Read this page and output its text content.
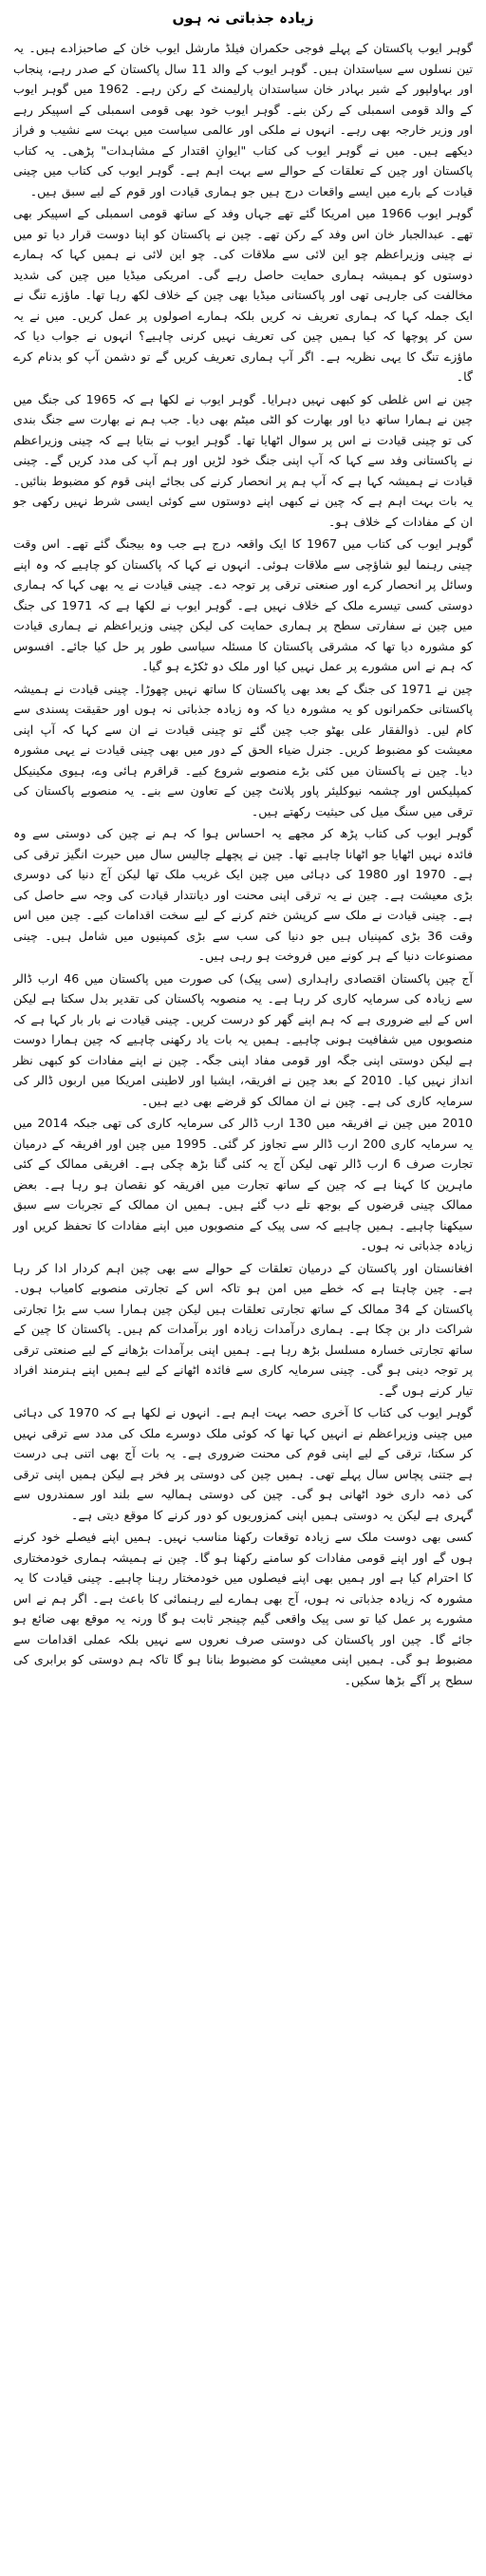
زیادہ جذباتی نہ ہوں

گوہر ایوب پاکستان کے پہلے فوجی حکمران فیلڈ مارشل ایوب خان کے صاحبزادے ہیں۔ یہ تین نسلوں سے سیاستدان ہیں۔ گوہر ایوب کے والد 11 سال پاکستان کے صدر رہے، پنجاب اور بہاولپور کے شیر بہادر خان سیاستدان پارلیمنٹ کے رکن رہے۔ 1962 میں گوہر ایوب کے والد قومی اسمبلی کے رکن بنے۔ گوہر ایوب خود بھی قومی اسمبلی کے اسپیکر رہے اور وزیر خارجہ بھی رہے۔ انہوں نے ملکی اور عالمی سیاست میں بہت سے نشیب و فراز دیکھے ہیں۔ میں نے گوہر ایوب کی کتاب "ایوانِ اقتدار کے مشاہدات" پڑھی۔ یہ کتاب پاکستان اور چین کے تعلقات کے حوالے سے بہت اہم ہے۔ گوہر ایوب کی کتاب میں چینی قیادت کے بارے میں ایسے واقعات درج ہیں جو ہماری قیادت اور قوم کے لیے سبق ہیں۔

گوہر ایوب 1966 میں امریکا گئے تھے جہاں وفد کے ساتھ قومی اسمبلی کے اسپیکر بھی تھے۔ عبدالجبار خان اس وفد کے رکن تھے۔ چین نے پاکستان کو اپنا دوست قرار دیا تو میں نے چینی وزیراعظم چو این لائی سے ملاقات کی۔ چو این لائی نے ہمیں کہا کہ ہمارے دوستوں کو ہمیشہ ہماری حمایت حاصل رہے گی۔ امریکی میڈیا میں چین کی شدید مخالفت کی جارہی تھی اور پاکستانی میڈیا بھی چین کے خلاف لکھ رہا تھا۔ ماؤزے تنگ نے ایک جملہ کہا کہ ہماری تعریف نہ کریں بلکہ ہمارے اصولوں پر عمل کریں۔ میں نے یہ سن کر پوچھا کہ کیا ہمیں چین کی تعریف نہیں کرنی چاہیے؟ انہوں نے جواب دیا کہ ماؤزے تنگ کا یہی نظریہ ہے۔ اگر آپ ہماری تعریف کریں گے تو دشمن آپ کو بدنام کرے گا۔

چین نے اس غلطی کو کبھی نہیں دہرایا۔ گوہر ایوب نے لکھا ہے کہ 1965 کی جنگ میں چین نے ہمارا ساتھ دیا اور بھارت کو الٹی میٹم بھی دیا۔ جب ہم نے بھارت سے جنگ بندی کی تو چینی قیادت نے اس پر سوال اٹھایا تھا۔ گوہر ایوب نے بتایا ہے کہ چینی وزیراعظم نے پاکستانی وفد سے کہا کہ آپ اپنی جنگ خود لڑیں اور ہم آپ کی مدد کریں گے۔ چینی قیادت نے ہمیشہ کہا ہے کہ آپ ہم پر انحصار کرنے کی بجائے اپنی قوم کو مضبوط بنائیں۔ یہ بات بہت اہم ہے کہ چین نے کبھی اپنے دوستوں سے کوئی ایسی شرط نہیں رکھی جو ان کے مفادات کے خلاف ہو۔

گوہر ایوب کی کتاب میں 1967 کا ایک واقعہ درج ہے جب وہ بیجنگ گئے تھے۔ اس وقت چینی رہنما لیو شاؤچی سے ملاقات ہوئی۔ انہوں نے کہا کہ پاکستان کو چاہیے کہ وہ اپنے وسائل پر انحصار کرے اور صنعتی ترقی پر توجہ دے۔ چینی قیادت نے یہ بھی کہا کہ ہماری دوستی کسی تیسرے ملک کے خلاف نہیں ہے۔ گوہر ایوب نے لکھا ہے کہ 1971 کی جنگ میں چین نے سفارتی سطح پر ہماری حمایت کی لیکن چینی وزیراعظم نے ہماری قیادت کو مشورہ دیا تھا کہ مشرقی پاکستان کا مسئلہ سیاسی طور پر حل کیا جائے۔ افسوس کہ ہم نے اس مشورے پر عمل نہیں کیا اور ملک دو ٹکڑے ہو گیا۔

چین نے 1971 کی جنگ کے بعد بھی پاکستان کا ساتھ نہیں چھوڑا۔ چینی قیادت نے ہمیشہ پاکستانی حکمرانوں کو یہ مشورہ دیا کہ وہ زیادہ جذباتی نہ ہوں اور حقیقت پسندی سے کام لیں۔ ذوالفقار علی بھٹو جب چین گئے تو چینی قیادت نے ان سے کہا کہ آپ اپنی معیشت کو مضبوط کریں۔ جنرل ضیاء الحق کے دور میں بھی چینی قیادت نے یہی مشورہ دیا۔ چین نے پاکستان میں کئی بڑے منصوبے شروع کیے۔ قراقرم ہائی وے، ہیوی مکینیکل کمپلیکس اور چشمہ نیوکلیئر پاور پلانٹ چین کے تعاون سے بنے۔ یہ منصوبے پاکستان کی ترقی میں سنگ میل کی حیثیت رکھتے ہیں۔

گوہر ایوب کی کتاب پڑھ کر مجھے یہ احساس ہوا کہ ہم نے چین کی دوستی سے وہ فائدہ نہیں اٹھایا جو اٹھانا چاہیے تھا۔ چین نے پچھلے چالیس سال میں حیرت انگیز ترقی کی ہے۔ 1970 اور 1980 کی دہائی میں چین ایک غریب ملک تھا لیکن آج دنیا کی دوسری بڑی معیشت ہے۔ چین نے یہ ترقی اپنی محنت اور دیانتدار قیادت کی وجہ سے حاصل کی ہے۔ چینی قیادت نے ملک سے کرپشن ختم کرنے کے لیے سخت اقدامات کیے۔ چین میں اس وقت 36 بڑی کمپنیاں ہیں جو دنیا کی سب سے بڑی کمپنیوں میں شامل ہیں۔ چینی مصنوعات دنیا کے ہر کونے میں فروخت ہو رہی ہیں۔

آج چین پاکستان اقتصادی راہداری (سی پیک) کی صورت میں پاکستان میں 46 ارب ڈالر سے زیادہ کی سرمایہ کاری کر رہا ہے۔ یہ منصوبہ پاکستان کی تقدیر بدل سکتا ہے لیکن اس کے لیے ضروری ہے کہ ہم اپنے گھر کو درست کریں۔ چینی قیادت نے بار بار کہا ہے کہ منصوبوں میں شفافیت ہونی چاہیے۔ ہمیں یہ بات یاد رکھنی چاہیے کہ چین ہمارا دوست ہے لیکن دوستی اپنی جگہ اور قومی مفاد اپنی جگہ۔ چین نے اپنے مفادات کو کبھی نظر انداز نہیں کیا۔ 2010 کے بعد چین نے افریقہ، ایشیا اور لاطینی امریکا میں اربوں ڈالر کی سرمایہ کاری کی ہے۔ چین نے ان ممالک کو قرضے بھی دیے ہیں۔

2010 میں چین نے افریقہ میں 130 ارب ڈالر کی سرمایہ کاری کی تھی جبکہ 2014 میں یہ سرمایہ کاری 200 ارب ڈالر سے تجاوز کر گئی۔ 1995 میں چین اور افریقہ کے درمیان تجارت صرف 6 ارب ڈالر تھی لیکن آج یہ کئی گنا بڑھ چکی ہے۔ افریقی ممالک کے کئی ماہرین کا کہنا ہے کہ چین کے ساتھ تجارت میں افریقہ کو نقصان ہو رہا ہے۔ بعض ممالک چینی قرضوں کے بوجھ تلے دب گئے ہیں۔ ہمیں ان ممالک کے تجربات سے سبق سیکھنا چاہیے۔ ہمیں چاہیے کہ سی پیک کے منصوبوں میں اپنے مفادات کا تحفظ کریں اور زیادہ جذباتی نہ ہوں۔

افغانستان اور پاکستان کے درمیان تعلقات کے حوالے سے بھی چین اہم کردار ادا کر رہا ہے۔ چین چاہتا ہے کہ خطے میں امن ہو تاکہ اس کے تجارتی منصوبے کامیاب ہوں۔ پاکستان کے 34 ممالک کے ساتھ تجارتی تعلقات ہیں لیکن چین ہمارا سب سے بڑا تجارتی شراکت دار بن چکا ہے۔ ہماری درآمدات زیادہ اور برآمدات کم ہیں۔ پاکستان کا چین کے ساتھ تجارتی خسارہ مسلسل بڑھ رہا ہے۔ ہمیں اپنی برآمدات بڑھانے کے لیے صنعتی ترقی پر توجہ دینی ہو گی۔ چینی سرمایہ کاری سے فائدہ اٹھانے کے لیے ہمیں اپنے ہنرمند افراد تیار کرنے ہوں گے۔

گوہر ایوب کی کتاب کا آخری حصہ بہت اہم ہے۔ انہوں نے لکھا ہے کہ 1970 کی دہائی میں چینی وزیراعظم نے انہیں کہا تھا کہ کوئی ملک دوسرے ملک کی مدد سے ترقی نہیں کر سکتا، ترقی کے لیے اپنی قوم کی محنت ضروری ہے۔ یہ بات آج بھی اتنی ہی درست ہے جتنی پچاس سال پہلے تھی۔ ہمیں چین کی دوستی پر فخر ہے لیکن ہمیں اپنی ترقی کی ذمہ داری خود اٹھانی ہو گی۔ چین کی دوستی ہمالیہ سے بلند اور سمندروں سے گہری ہے لیکن یہ دوستی ہمیں اپنی کمزوریوں کو دور کرنے کا موقع دیتی ہے۔

کسی بھی دوست ملک سے زیادہ توقعات رکھنا مناسب نہیں۔ ہمیں اپنے فیصلے خود کرنے ہوں گے اور اپنے قومی مفادات کو سامنے رکھنا ہو گا۔ چین نے ہمیشہ ہماری خودمختاری کا احترام کیا ہے اور ہمیں بھی اپنے فیصلوں میں خودمختار رہنا چاہیے۔ چینی قیادت کا یہ مشورہ کہ زیادہ جذباتی نہ ہوں، آج بھی ہمارے لیے رہنمائی کا باعث ہے۔ اگر ہم نے اس مشورے پر عمل کیا تو سی پیک واقعی گیم چینجر ثابت ہو گا ورنہ یہ موقع بھی ضائع ہو جائے گا۔ چین اور پاکستان کی دوستی صرف نعروں سے نہیں بلکہ عملی اقدامات سے مضبوط ہو گی۔ ہمیں اپنی معیشت کو مضبوط بنانا ہو گا تاکہ ہم دوستی کو برابری کی سطح پر آگے بڑھا سکیں۔
